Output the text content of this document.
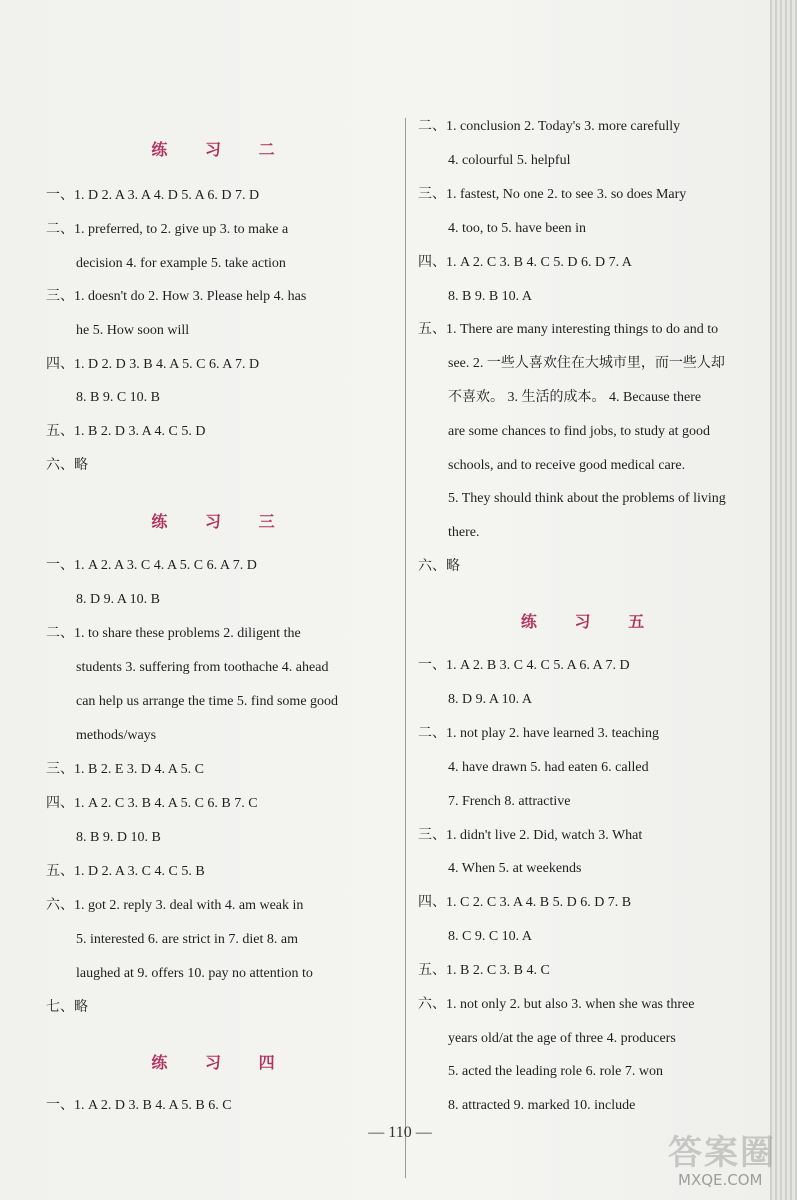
练 习 二
一、1. D 2. A 3. A 4. D 5. A 6. D 7. D
二、1. preferred, to 2. give up 3. to make a
decision 4. for example 5. take action
三、1. doesn't do 2. How 3. Please help 4. has
he 5. How soon will
四、1. D 2. D 3. B 4. A 5. C 6. A 7. D
8. B 9. C 10. B
五、1. B 2. D 3. A 4. C 5. D
六、略
练 习 三
一、1. A 2. A 3. C 4. A 5. C 6. A 7. D
8. D 9. A 10. B
二、1. to share these problems 2. diligent the
students 3. suffering from toothache 4. ahead
can help us arrange the time 5. find some good
methods/ways
三、1. B 2. E 3. D 4. A 5. C
四、1. A 2. C 3. B 4. A 5. C 6. B 7. C
8. B 9. D 10. B
五、1. D 2. A 3. C 4. C 5. B
六、1. got 2. reply 3. deal with 4. am weak in
5. interested 6. are strict in 7. diet 8. am
laughed at 9. offers 10. pay no attention to
七、略
练 习 四
一、1. A 2. D 3. B 4. A 5. B 6. C
二、1. conclusion 2. Today's 3. more carefully
4. colourful 5. helpful
三、1. fastest, No one 2. to see 3. so does Mary
4. too, to 5. have been in
四、1. A 2. C 3. B 4. C 5. D 6. D 7. A
8. B 9. B 10. A
五、1. There are many interesting things to do and to
see. 2. 一些人喜欢住在大城市里，而一些人却
不喜欢。 3. 生活的成本。 4. Because there
are some chances to find jobs, to study at good
schools, and to receive good medical care.
5. They should think about the problems of living
there.
六、略
练 习 五
一、1. A 2. B 3. C 4. C 5. A 6. A 7. D
8. D 9. A 10. A
二、1. not play 2. have learned 3. teaching
4. have drawn 5. had eaten 6. called
7. French 8. attractive
三、1. didn't live 2. Did, watch 3. What
4. When 5. at weekends
四、1. C 2. C 3. A 4. B 5. D 6. D 7. B
8. C 9. C 10. A
五、1. B 2. C 3. B 4. C
六、1. not only 2. but also 3. when she was three
years old/at the age of three 4. producers
5. acted the leading role 6. role 7. won
8. attracted 9. marked 10. include
— 110 —
答案圈
MXQE.COM
